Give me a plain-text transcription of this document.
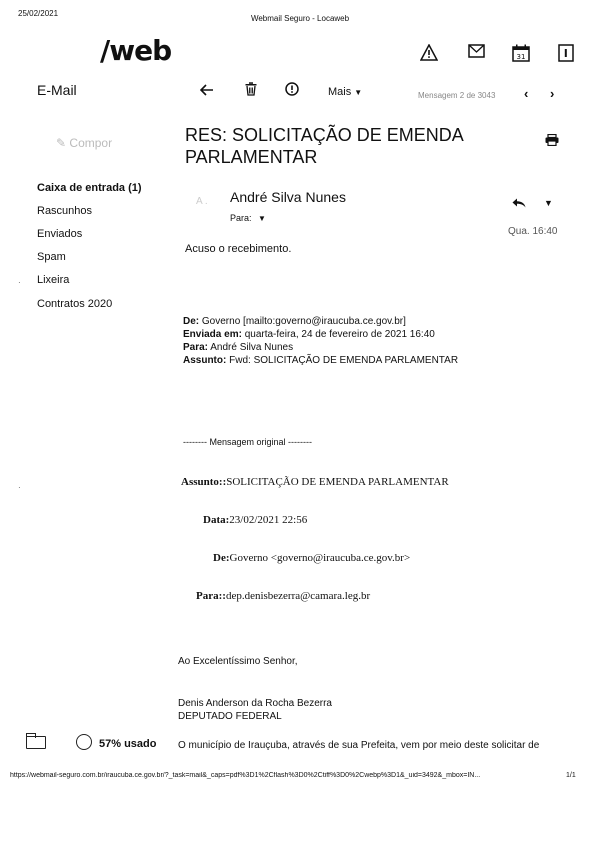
25/02/2021
Webmail Seguro - Locaweb
/web	31
E-Mail
✎ Compor
Caixa de entrada (1)
Rascunhos
Enviados
Spam
Lixeira
Contratos 2020
·
Mais ▼	Mensagem 2 de 3043 ‹ ›
RES: SOLICITAÇÃO DE EMENDA PARLAMENTAR
A . André Silva Nunes
Para: ▼
▼
Qua. 16:40
Acuso o recebimento.
De: Governo [mailto:governo@iraucuba.ce.gov.br]
Enviada em: quarta-feira, 24 de fevereiro de 2021 16:40
Para: André Silva Nunes
Assunto: Fwd: SOLICITAÇÃO DE EMENDA PARLAMENTAR
-------- Mensagem original --------
Assunto::SOLICITAÇÃO DE EMENDA PARLAMENTAR
Data:23/02/2021 22:56
De:Governo <governo@iraucuba.ce.gov.br>
Para::dep.denisbezerra@camara.leg.br
Ao Excelentíssimo Senhor,
Denis Anderson da Rocha Bezerra
DEPUTADO FEDERAL
·
57% usado O município de Irauçuba, através de sua Prefeita, vem por meio deste solicitar de
https://webmail-seguro.com.br/iraucuba.ce.gov.br/?_task=mail&_caps=pdf%3D1%2Cflash%3D0%2Ctiff%3D0%2Cwebp%3D1&_uid=3492&_mbox=IN...	1/1
